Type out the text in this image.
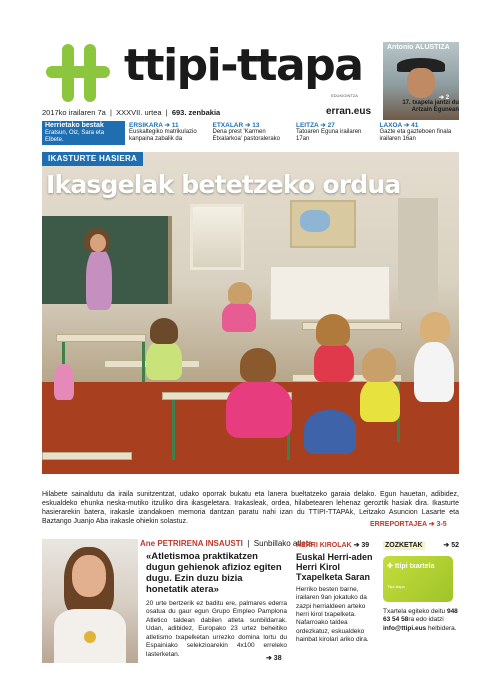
ttipi-ttapa
EDUKIGINTZA
2017ko irailaren 7a  |  XXXVII. urtea  |  693. zenbakia	erran.eus
Antonio ALUSTIZA
➔ 2
17. txapela jantzi du Artzain Egunean
Herrietako bestak
Eratsun, Oiz, Sara eta Elbete.
ERSIKARA ➔ 11
Euskaltegiko matrikulazio kanpaina zabalik da
ETXALAR ➔ 13
Dena prest 'Karmen Etxalarkoa' pastoralerako
LEITZA ➔ 27
Tatoaren Eguna irailaren 17an
LAXOA ➔ 41
Gazte eta gazteboen finala irailaren 16an
IKASTURTE HASIERA
Ikasgelak betetzeko ordua
Hilabete sainaldutu da iraila sunitzentzat, udako oporrak bukatu eta lanera bueltatzeko garaia delako. Egun hauetan, adibidez, eskualdeko ehunka neska-mutiko itzuliko dira ikasgeletara. Irakasleak, ordea, hilabetearen lehenaz geroztik hasiak dira. Ikasturte hasierarekin batera, irakasle izandakoen memoria dantzan paratu nahi izan du TTIPI-TTAPAk, Leitzako Asuncion Lasarte eta Baztango Juanjo Aba irakasle ohiekin solastuz.	ERREPORTAJEA ➔ 3-5
Ane PETRIRENA INSAUSTI  |  Sunbillako atleta
«Atletismoa praktikatzen dugun gehienok afizioz egiten dugu. Ezin duzu bizia honetatik atera»
20 urte bertzerik ez baditu ere, palmares ederra osatua du gaur egun Grupo Empleo Pamplona Atletico taldean dabilen atleta sunbildarrak. Udan, adibidez, Europako 23 urtez beheitiko atletismo txapelketan urrezko domina lortu du Espainiako selekzioarekin 4x100 erreleko lasterketan.
➔ 38
HERRI KIROLAK ➔ 39
Euskal Herri-aden Herri Kirol Txapelketa Saran
Herriko besten barne, irailaren 9an jokatuko da zazpi herrialdeen arteko herri kirol txapelketa. Nafarroako taldea ordezkatuz, eskualdeko hainbat kirolari ariko dira.
ZOZKETAK	➔ 52
✚ ttipi txartela
Ttipi-ttapa
Txartela egiteko deitu 948 63 54 58ra edo idatzi info@ttipi.eus helbidera.
